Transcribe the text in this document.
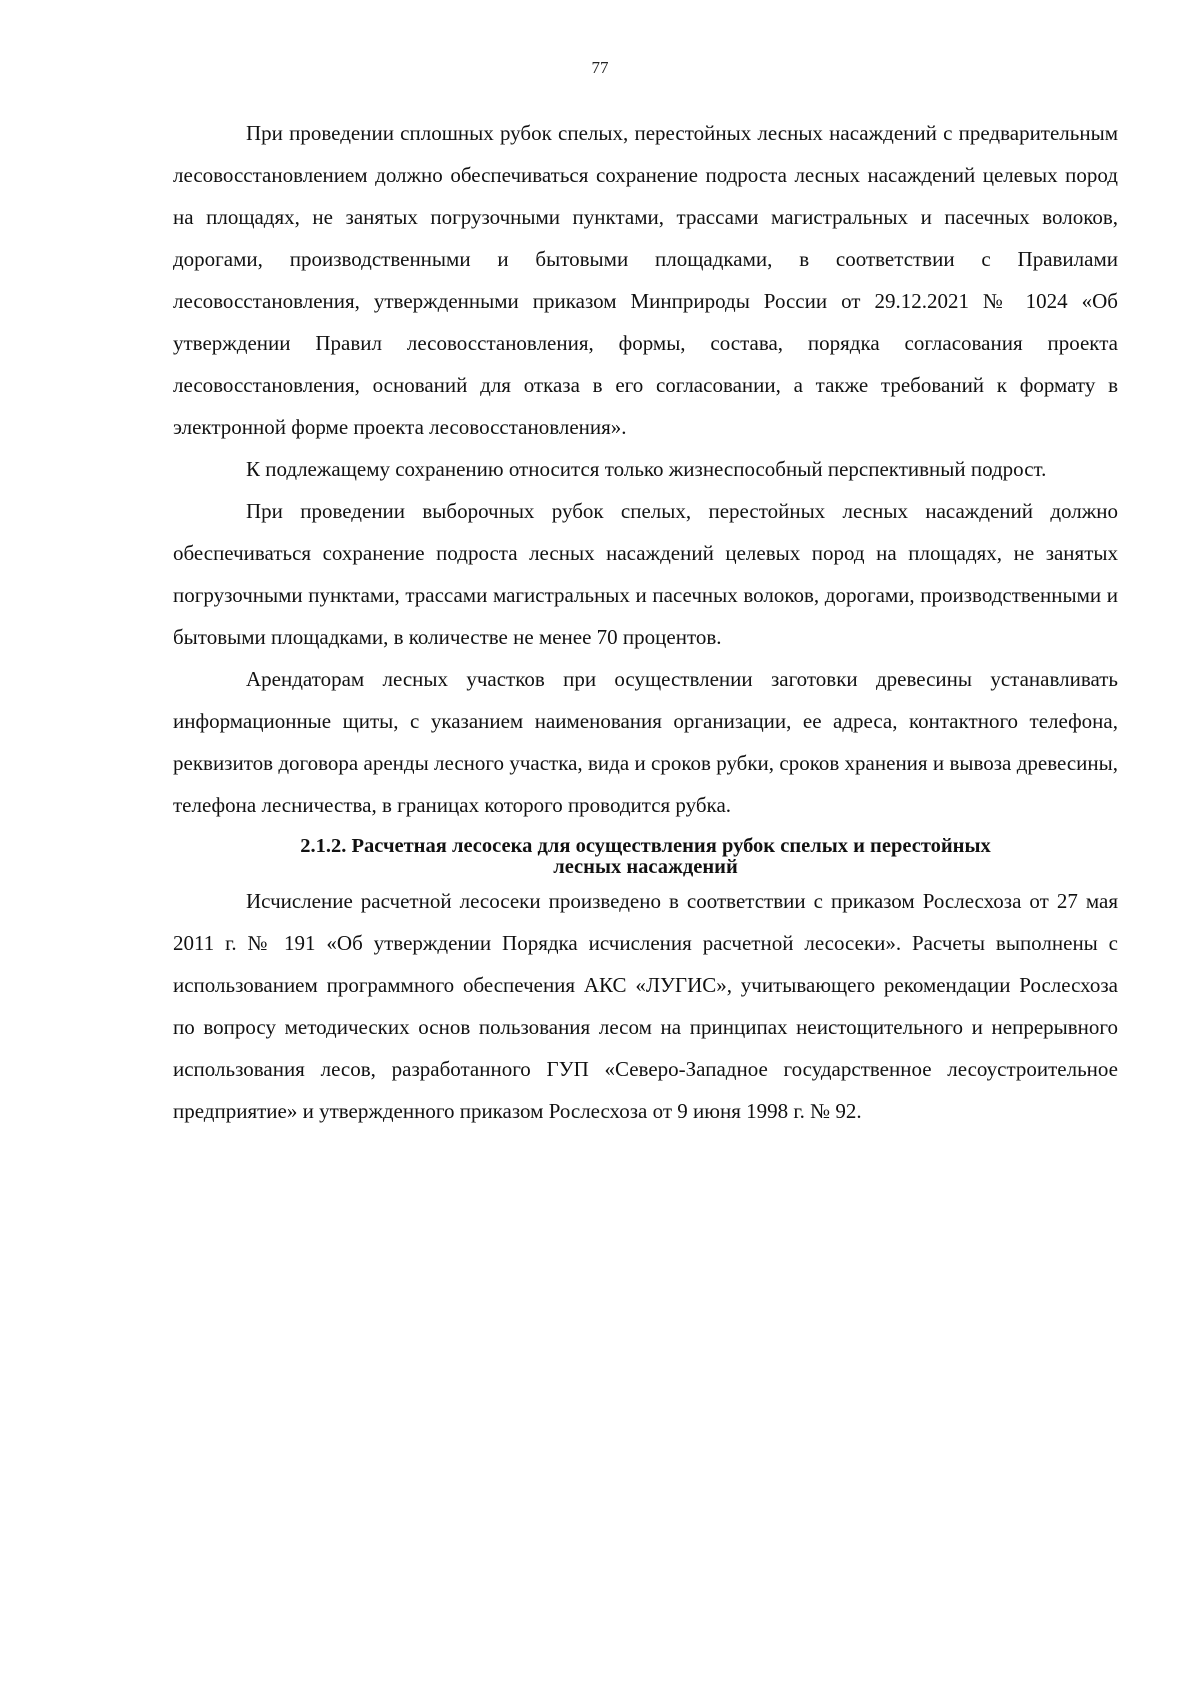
77

При проведении сплошных рубок спелых, перестойных лесных насаждений с предварительным лесовосстановлением должно обеспечиваться сохранение подроста лесных насаждений целевых пород на площадях, не занятых погрузочными пунктами, трассами магистральных и пасечных волоков, дорогами, производственными и бытовыми площадками, в соответствии с Правилами лесовосстановления, утвержденными приказом Минприроды России от 29.12.2021 № 1024 «Об утверждении Правил лесовосстановления, формы, состава, порядка согласования проекта лесовосстановления, оснований для отказа в его согласовании, а также требований к формату в электронной форме проекта лесовосстановления».

К подлежащему сохранению относится только жизнеспособный перспективный подрост.

При проведении выборочных рубок спелых, перестойных лесных насаждений должно обеспечиваться сохранение подроста лесных насаждений целевых пород на площадях, не занятых погрузочными пунктами, трассами магистральных и пасечных волоков, дорогами, производственными и бытовыми площадками, в количестве не менее 70 процентов.

Арендаторам лесных участков при осуществлении заготовки древесины устанавливать информационные щиты, с указанием наименования организации, ее адреса, контактного телефона, реквизитов договора аренды лесного участка, вида и сроков рубки, сроков хранения и вывоза древесины, телефона лесничества, в границах которого проводится рубка.

2.1.2. Расчетная лесосека для осуществления рубок спелых и перестойных
лесных насаждений

Исчисление расчетной лесосеки произведено в соответствии с приказом Рослесхоза от 27 мая 2011 г. № 191 «Об утверждении Порядка исчисления расчетной лесосеки». Расчеты выполнены с использованием программного обеспечения АКС «ЛУГИС», учитывающего рекомендации Рослесхоза по вопросу методических основ пользования лесом на принципах неистощительного и непрерывного использования лесов, разработанного ГУП «Северо-Западное государственное лесоустроительное предприятие» и утвержденного приказом Рослесхоза от 9 июня 1998 г. № 92.
